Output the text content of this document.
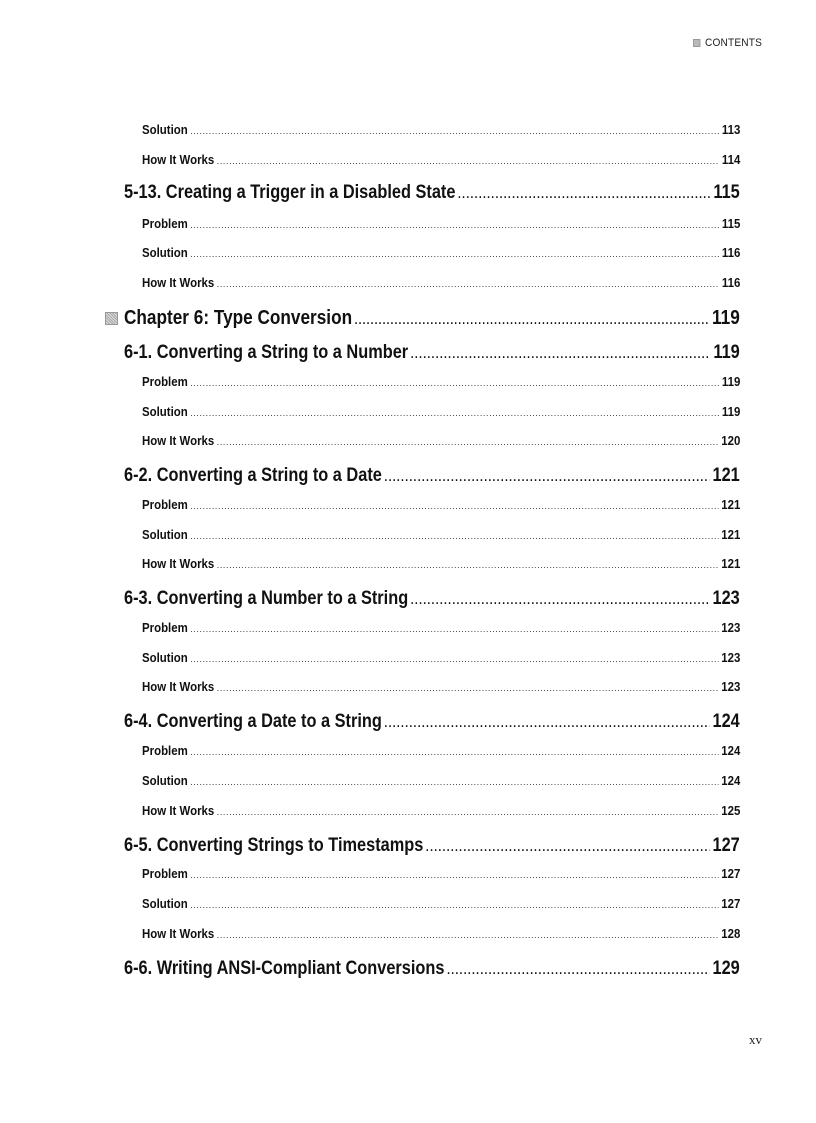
CONTENTS
Solution .....	113
How It Works .....	114
5-13. Creating a Trigger in a Disabled State .....	115
Problem .....	115
Solution .....	116
How It Works .....	116
Chapter 6: Type Conversion .....	119
6-1. Converting a String to a Number .....	119
Problem .....	119
Solution .....	119
How It Works .....	120
6-2. Converting a String to a Date .....	121
Problem .....	121
Solution .....	121
How It Works .....	121
6-3. Converting a Number to a String .....	123
Problem .....	123
Solution .....	123
How It Works .....	123
6-4. Converting a Date to a String .....	124
Problem .....	124
Solution .....	124
How It Works .....	125
6-5. Converting Strings to Timestamps .....	127
Problem .....	127
Solution .....	127
How It Works .....	128
6-6. Writing ANSI-Compliant Conversions .....	129
xv
